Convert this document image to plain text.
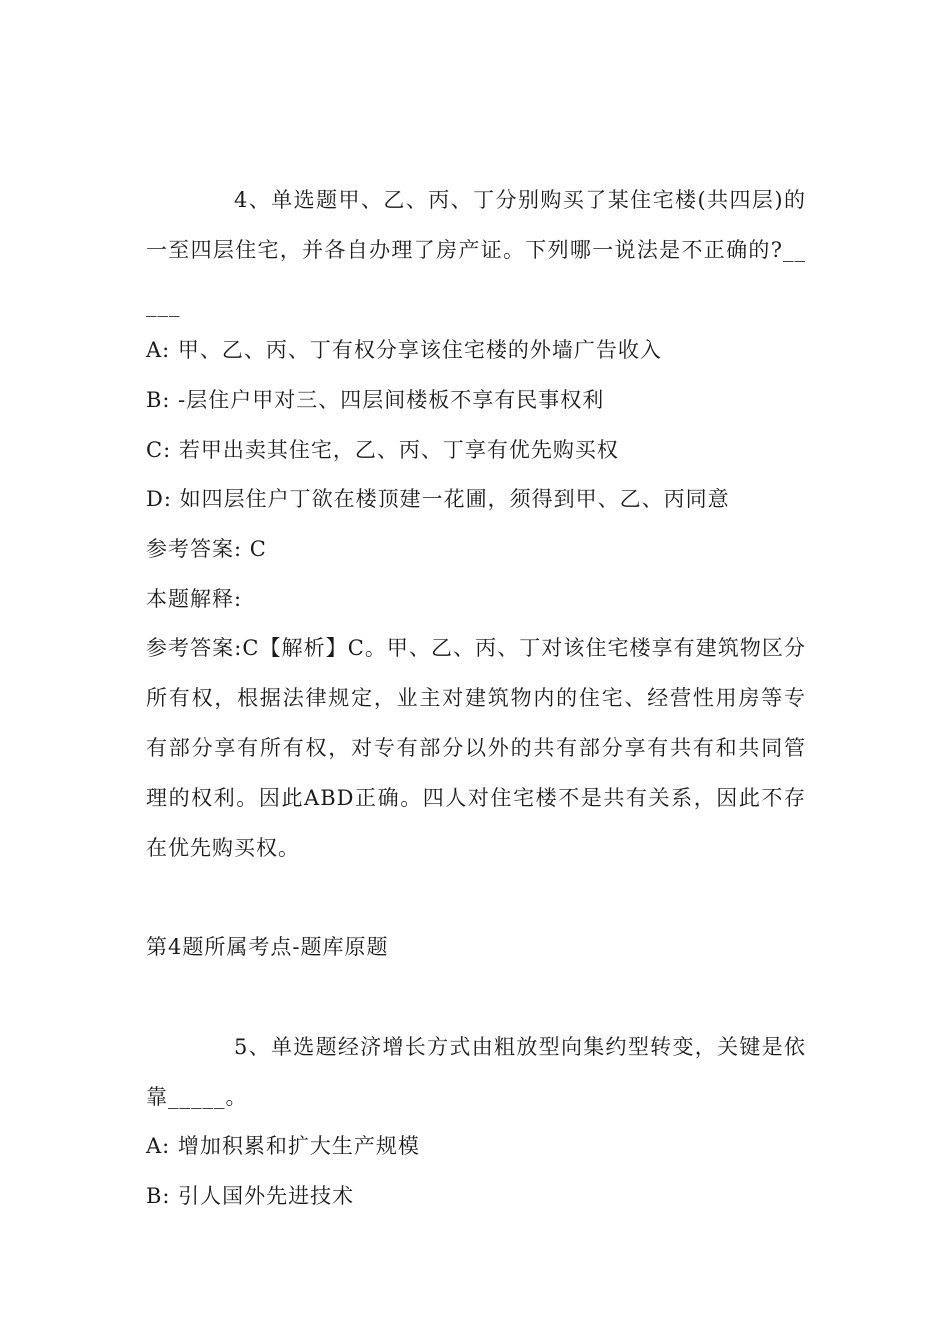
4、单选题甲、乙、丙、丁分别购买了某住宅楼(共四层)的
一至四层住宅，并各自办理了房产证。下列哪一说法是不正确的?__
___
A: 甲、乙、丙、丁有权分享该住宅楼的外墙广告收入
B: -层住户甲对三、四层间楼板不享有民事权利
C: 若甲出卖其住宅，乙、丙、丁享有优先购买权
D: 如四层住户丁欲在楼顶建一花圃，须得到甲、乙、丙同意
参考答案: C
本题解释:
参考答案:C【解析】C。甲、乙、丙、丁对该住宅楼享有建筑物区分
所有权，根据法律规定，业主对建筑物内的住宅、经营性用房等专
有部分享有所有权，对专有部分以外的共有部分享有共有和共同管
理的权利。因此ABD正确。四人对住宅楼不是共有关系，因此不存
在优先购买权。
第4题所属考点-题库原题
5、单选题经济增长方式由粗放型向集约型转变，关键是依
靠_____。
A: 增加积累和扩大生产规模
B: 引人国外先进技术
